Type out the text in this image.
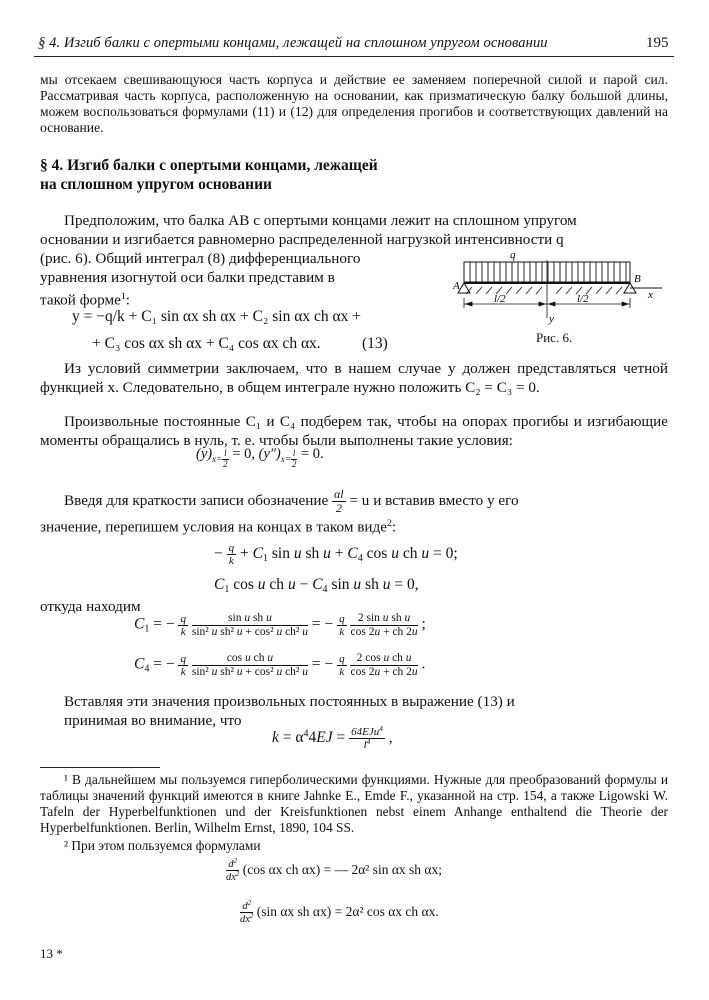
§ 4. Изгиб балки с опертыми концами, лежащей на сплошном упругом основании	195
мы отсекаем свешивающуюся часть корпуса и действие ее заменяем поперечной силой и парой сил. Рассматривая часть корпуса, расположенную на основании, как призматическую балку большой длины, можем воспользоваться формулами (11) и (12) для определения прогибов и соответствующих давлений на основание.
§ 4. Изгиб балки с опертыми концами, лежащей
на сплошном упругом основании
Предположим, что балка AB с опертыми концами лежит на сплошном упругом
основании и изгибается равномерно распределенной нагрузкой интенсивности q
(рис. 6). Общий интеграл (8) дифференциального
уравнения изогнутой оси балки представим в
такой форме$^1$:
y = −q/k + C₁ sin αx sh αx + C₂ sin αx ch αx +
+ C₃ cos αx sh αx + C₄ cos αx ch αx.	(13)
q
A
B
x
y
l/2	l/2
Рис. 6.
Из условий симметрии заключаем, что в нашем случае y должен представляться четной функцией x. Следовательно, в общем интеграле нужно положить C₂ = C₃ = 0.
Произвольные постоянные C₁ и C₄ подберем так, чтобы на опорах прогибы и изгибающие моменты обращались в нуль, т. е. чтобы были выполнены такие условия:
$(y)_{x= \frac{l}{2}} = 0$, $(y'')_{x= \frac{l}{2}} = 0$.
Введя для краткости записи обозначение $\frac{\alpha l}{2} = u$ и вставив вместо y его
значение, перепишем условия на концах в таком виде$^2$:
− $\frac{q}{k} + C_1$ sin u sh $u + C_4$ cos u ch u = 0;
$C_1$ cos u ch $u - C_4$ sin u sh u = 0,
откуда находим
$C_1$ = − $\frac{q}{k}$
$\frac{\text{sin u sh u}}{\text{sin² u sh² u + cos² u ch² u}}$ = − $\frac{q}{k}$
$\frac{\text{2 sin u sh u}}{\cos 2u + ch 2u}$ ;
$C_4$ = − $\frac{q}{k}$
$\frac{\text{cos u ch u}}{\text{sin² u sh² u + cos² u ch² u}}$ = − $\frac{q}{k}$
$\frac{\text{2 cos u ch u}}{\cos 2u + ch 2u}$ .
Вставляя эти значения произвольных постоянных в выражение (13) и
принимая во внимание, что
$k = \alpha^44EJ = \frac{64EJu^4}{l^4}$ ,
¹ В дальнейшем мы пользуемся гиперболическими функциями. Нужные для преобразований формулы и таблицы значений функций имеются в книге Jahnke E., Emde F., указанной на стр. 154, а также Ligowski W. Tafeln der Hyperbelfunktionen und der Kreisfunktionen nebst einem Anhange enthaltend die Theorie der Hyperbelfunktionen. Berlin, Wilhelm Ernst, 1890, 104 SS.
² При этом пользуемся формулами
$\frac{d^2}{dx^2} (\cos$ αx ch αx) = — 2α² sin αx sh αx;
$\frac{d^2}{dx^2} (\sin$ αx sh αx) = 2α² cos αx ch αx.
13 *
